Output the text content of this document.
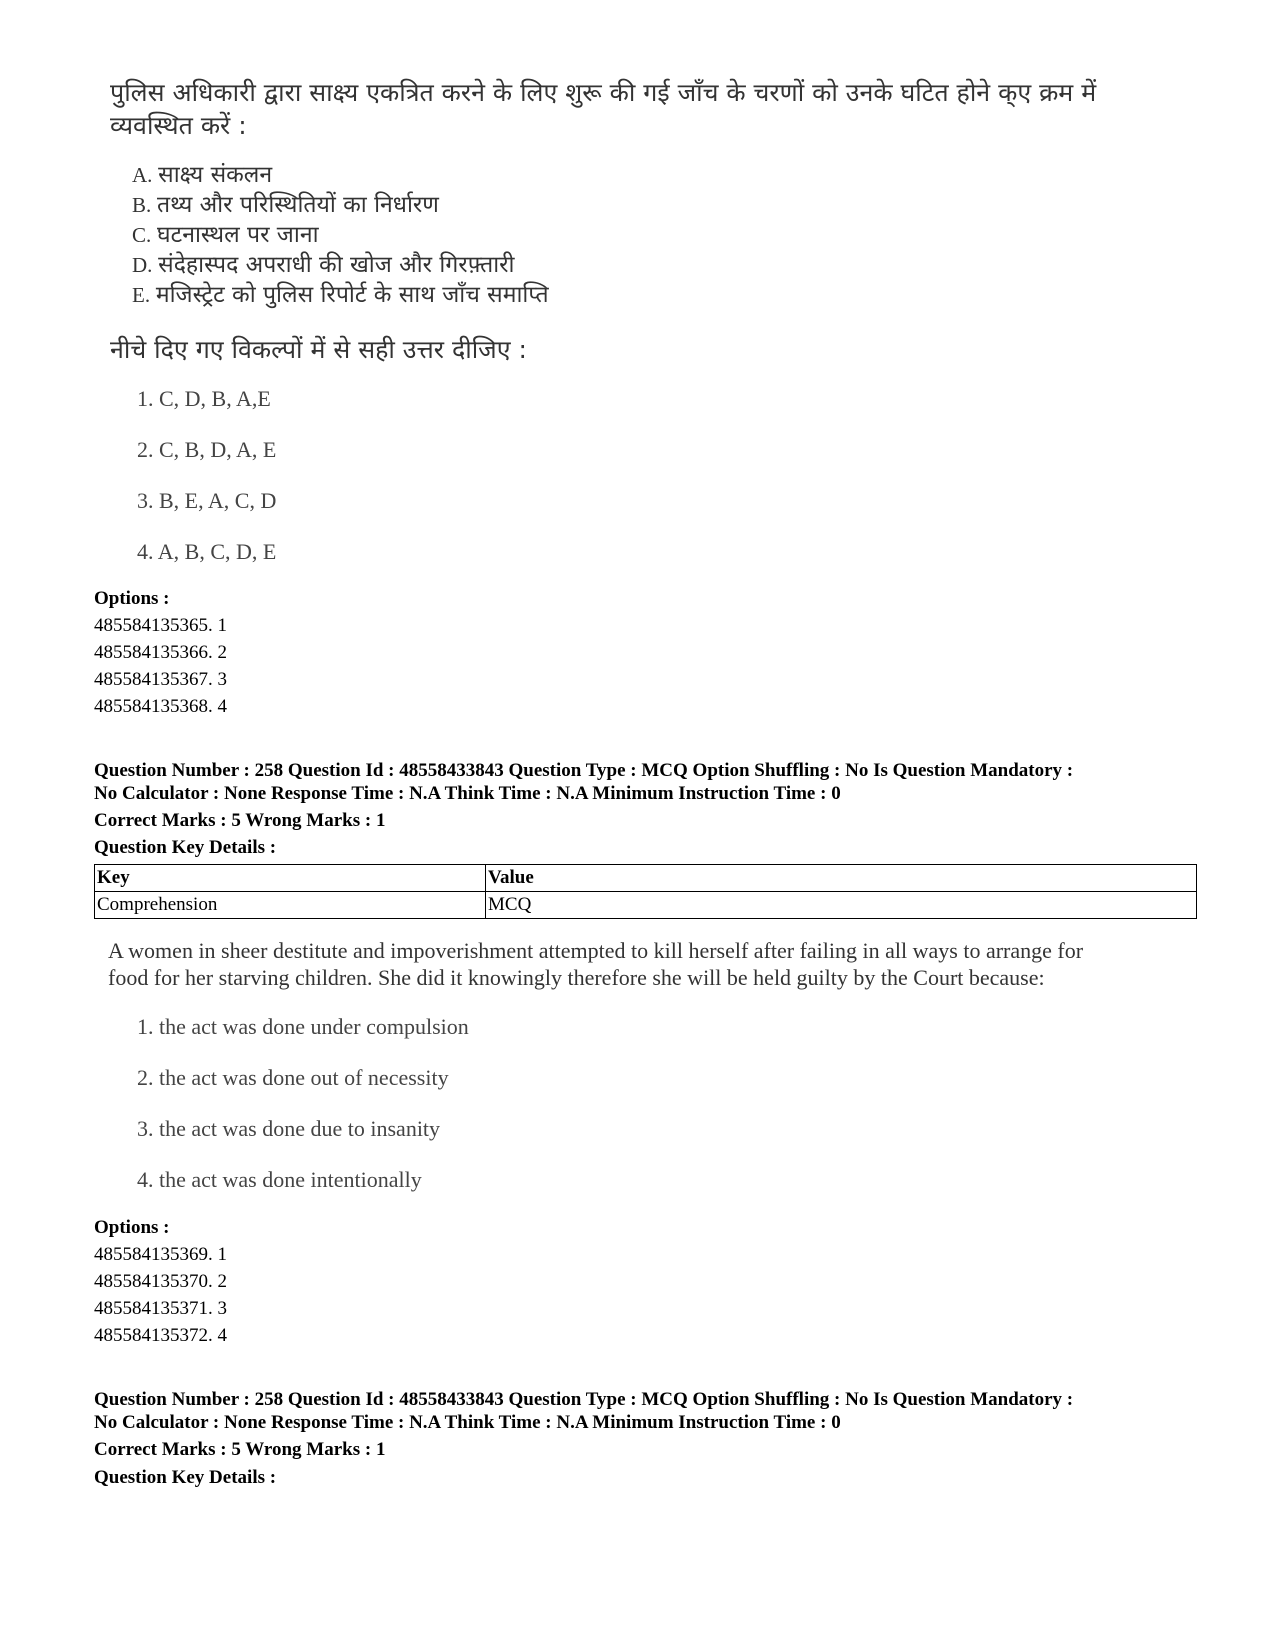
पुलिस अधिकारी द्वारा साक्ष्य एकत्रित करने के लिए शुरू की गई जाँच के चरणों को उनके घटित होने क्ए क्रम में
व्यवस्थित करें :
A. साक्ष्य संकलन
B. तथ्य और परिस्थितियों का निर्धारण
C. घटनास्थल पर जाना
D. संदेहास्पद अपराधी की खोज और गिरफ़्तारी
E. मजिस्ट्रेट को पुलिस रिपोर्ट के साथ जाँच समाप्ति
नीचे दिए गए विकल्पों में से सही उत्तर दीजिए :
1. C, D, B, A,E
2. C, B, D, A, E
3. B, E, A, C, D
4. A, B, C, D, E
Options :
485584135365. 1
485584135366. 2
485584135367. 3
485584135368. 4
Question Number : 258 Question Id : 48558433843 Question Type : MCQ Option Shuffling : No Is Question Mandatory :
No Calculator : None Response Time : N.A Think Time : N.A Minimum Instruction Time : 0
Correct Marks : 5 Wrong Marks : 1
Question Key Details :
Key	Value
Comprehension	MCQ
A women in sheer destitute and impoverishment attempted to kill herself after failing in all ways to arrange for
food for her starving children. She did it knowingly therefore she will be held guilty by the Court because:
1. the act was done under compulsion
2. the act was done out of necessity
3. the act was done due to insanity
4. the act was done intentionally
Options :
485584135369. 1
485584135370. 2
485584135371. 3
485584135372. 4
Question Number : 258 Question Id : 48558433843 Question Type : MCQ Option Shuffling : No Is Question Mandatory :
No Calculator : None Response Time : N.A Think Time : N.A Minimum Instruction Time : 0
Correct Marks : 5 Wrong Marks : 1
Question Key Details :
